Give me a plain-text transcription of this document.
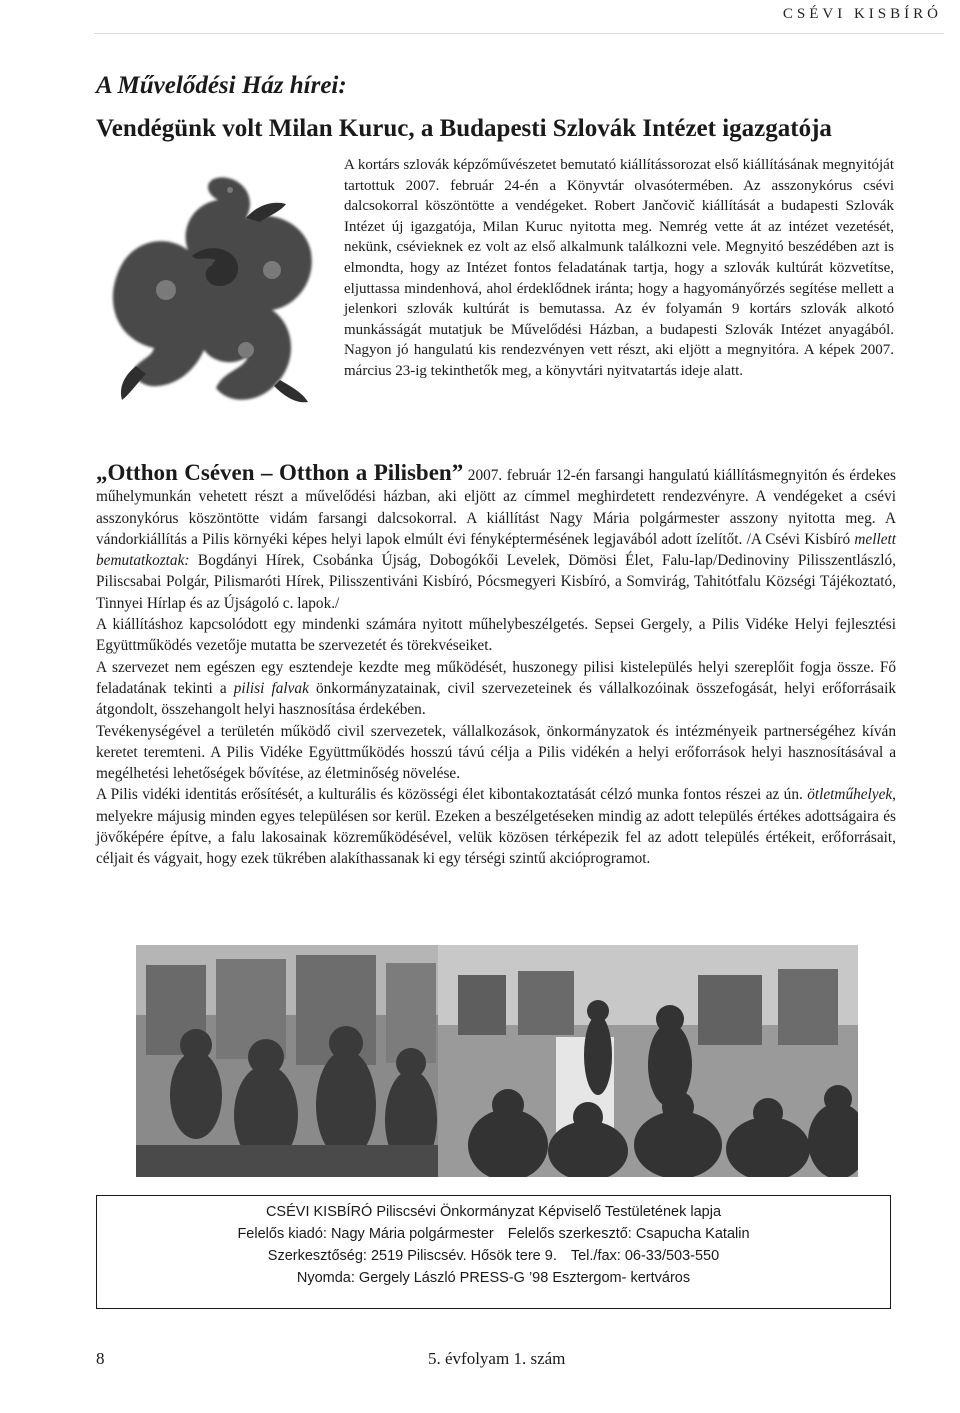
CSÉVI KISBÍRÓ
A Művelődési Ház hírei:
Vendégünk volt Milan Kuruc, a Budapesti Szlovák Intézet igazgatója

A kortárs szlovák képzőművészetet bemutató kiállítássorozat első kiállításának megnyitóját tartottuk 2007. február 24-én a Könyvtár olvasótermében. Az asszonykórus csévi dalcsokorral köszöntötte a vendégeket. Robert Jančovič kiállítását a budapesti Szlovák Intézet új igazgatója, Milan Kuruc nyitotta meg. Nemrég vette át az intézet vezetését, nekünk, csévieknek ez volt az első alkalmunk találkozni vele. Megnyitó beszédében azt is elmondta, hogy az Intézet fontos feladatának tartja, hogy a szlovák kultúrát közvetítse, eljuttassa mindenhová, ahol érdeklődnek iránta; hogy a hagyományőrzés segítése mellett a jelenkori szlovák kultúrát is bemutassa. Az év folyamán 9 kortárs szlovák alkotó munkásságát mutatjuk be Művelődési Házban, a budapesti Szlovák Intézet anyagából. Nagyon jó hangulatú kis rendezvényen vett részt, aki eljött a megnyitóra. A képek 2007. március 23-ig tekinthetők meg, a könyvtári nyitvatartás ideje alatt.

„Otthon Cséven – Otthon a Pilisben” 2007. február 12-én farsangi hangulatú kiállításmegnyitón és érdekes műhelymunkán vehetett részt a művelődési házban, aki eljött az címmel meghirdetett rendezvényre. A vendégeket a csévi asszonykórus köszöntötte vidám farsangi dalcsokorral. A kiállítást Nagy Mária polgármester asszony nyitotta meg. A vándorkiállítás a Pilis környéki képes helyi lapok elmúlt évi fényképtermésének legjavából adott ízelítőt. /A Csévi Kisbíró mellett bemutatkoztak: Bogdányi Hírek, Csobánka Újság, Dobogókői Levelek, Dömösi Élet, Falu-lap/Dedinoviny Pilisszentlászló, Piliscsabai Polgár, Pilismaróti Hírek, Pilisszentiváni Kisbíró, Pócsmegyeri Kisbíró, a Somvirág, Tahitótfalu Községi Tájékoztató, Tinnyei Hírlap és az Újságoló c. lapok./

A kiállításhoz kapcsolódott egy mindenki számára nyitott műhelybeszélgetés. Sepsei Gergely, a Pilis Vidéke Helyi fejlesztési Együttműködés vezetője mutatta be szervezetét és törekvéseiket.

A szervezet nem egészen egy esztendeje kezdte meg működését, huszonegy pilisi kistelepülés helyi szereplőit fogja össze. Fő feladatának tekinti a pilisi falvak önkormányzatainak, civil szervezeteinek és vállalkozóinak összefogását, helyi erőforrásaik átgondolt, összehangolt helyi hasznosítása érdekében.

Tevékenységével a területén működő civil szervezetek, vállalkozások, önkormányzatok és intézményeik partnerségéhez kíván keretet teremteni. A Pilis Vidéke Együttműködés hosszú távú célja a Pilis vidékén a helyi erőforrások helyi hasznosításával a megélhetési lehetőségek bővítése, az életminőség növelése.

A Pilis vidéki identitás erősítését, a kulturális és közösségi élet kibontakoztatását célzó munka fontos részei az ún. ötletműhelyek, melyekre májusig minden egyes településen sor kerül. Ezeken a beszélgetéseken mindig az adott település értékes adottságaira és jövőképére építve, a falu lakosainak közreműködésével, velük közösen térképezik fel az adott település értékeit, erőforrásait, céljait és vágyait, hogy ezek tükrében alakíthassanak ki egy térségi szintű akcióprogramot.

CSÉVI KISBÍRÓ Piliscsévi Önkormányzat Képviselő Testületének lapja
Felelős kiadó: Nagy Mária polgármester Felelős szerkesztő: Csapucha Katalin
Szerkesztőség: 2519 Piliscsév. Hősök tere 9. Tel./fax: 06-33/503-550
Nyomda: Gergely László PRESS-G ’98 Esztergom- kertváros
8	5. évfolyam 1. szám
